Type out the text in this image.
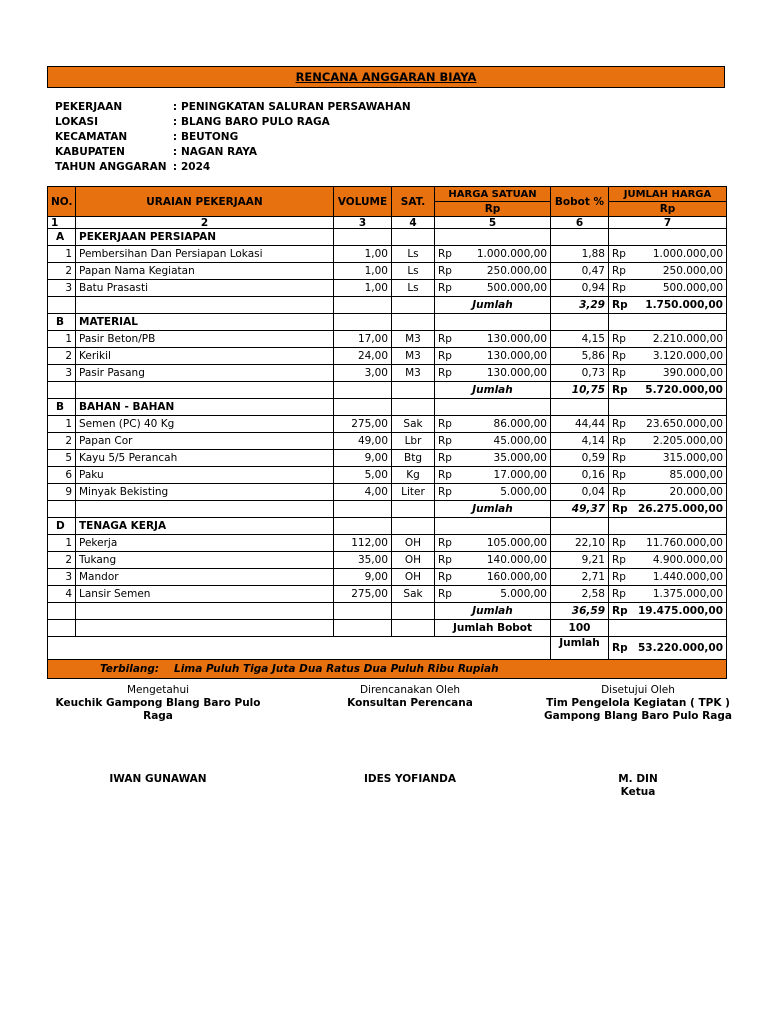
RENCANA ANGGARAN BIAYA
PEKERJAAN	:	PENINGKATAN SALURAN PERSAWAHAN
LOKASI	:	BLANG BARO PULO RAGA
KECAMATAN	:	BEUTONG
KABUPATEN	:	NAGAN RAYA
TAHUN ANGGARAN	:	2024
NO.	URAIAN PEKERJAAN	VOLUME	SAT.	HARGA SATUAN	Bobot %	JUMLAH HARGA
				Rp		Rp
1	2	3	4	5	6	7
A	PEKERJAAN PERSIAPAN					
1	Pembersihan Dan Persiapan Lokasi	1,00	Ls	Rp 1.000.000,00	1,88	Rp 1.000.000,00

2	Papan Nama Kegiatan	1,00	Ls	Rp 250.000,00	0,47	Rp 250.000,00

3	Batu Prasasti	1,00	Ls	Rp 500.000,00	0,94	Rp 500.000,00

				Jumlah	3,29	Rp 1.750.000,00

B	MATERIAL					
1	Pasir Beton/PB	17,00	M3	Rp 130.000,00	4,15	Rp 2.210.000,00

2	Kerikil	24,00	M3	Rp 130.000,00	5,86	Rp 3.120.000,00

3	Pasir Pasang	3,00	M3	Rp 130.000,00	0,73	Rp 390.000,00

				Jumlah	10,75	Rp 5.720.000,00

B	BAHAN - BAHAN					
1	Semen (PC) 40 Kg	275,00	Sak	Rp 86.000,00	44,44	Rp 23.650.000,00

2	Papan Cor	49,00	Lbr	Rp 45.000,00	4,14	Rp 2.205.000,00

5	Kayu 5/5 Perancah	9,00	Btg	Rp 35.000,00	0,59	Rp 315.000,00

6	Paku	5,00	Kg	Rp 17.000,00	0,16	Rp 85.000,00

9	Minyak Bekisting	4,00	Liter	Rp 5.000,00	0,04	Rp 20.000,00

				Jumlah	49,37	Rp 26.275.000,00

D	TENAGA KERJA					
1	Pekerja	112,00	OH	Rp 105.000,00	22,10	Rp 11.760.000,00

2	Tukang	35,00	OH	Rp 140.000,00	9,21	Rp 4.900.000,00

3	Mandor	9,00	OH	Rp 160.000,00	2,71	Rp 1.440.000,00

4	Lansir Semen	275,00	Sak	Rp 5.000,00	2,58	Rp 1.375.000,00

				Jumlah	36,59	Rp 19.475.000,00

				Jumlah Bobot	100	
					Jumlah	Rp 53.220.000,00

Terbilang: Lima Puluh Tiga Juta Dua Ratus Dua Puluh Ribu Rupiah						
Mengetahui
Keuchik Gampong Blang Baro Pulo Raga
IWAN GUNAWAN
Direncanakan Oleh
Konsultan Perencana
IDES YOFIANDA
Disetujui Oleh
Tim Pengelola Kegiatan ( TPK )
Gampong Blang Baro Pulo Raga
M. DIN
Ketua
